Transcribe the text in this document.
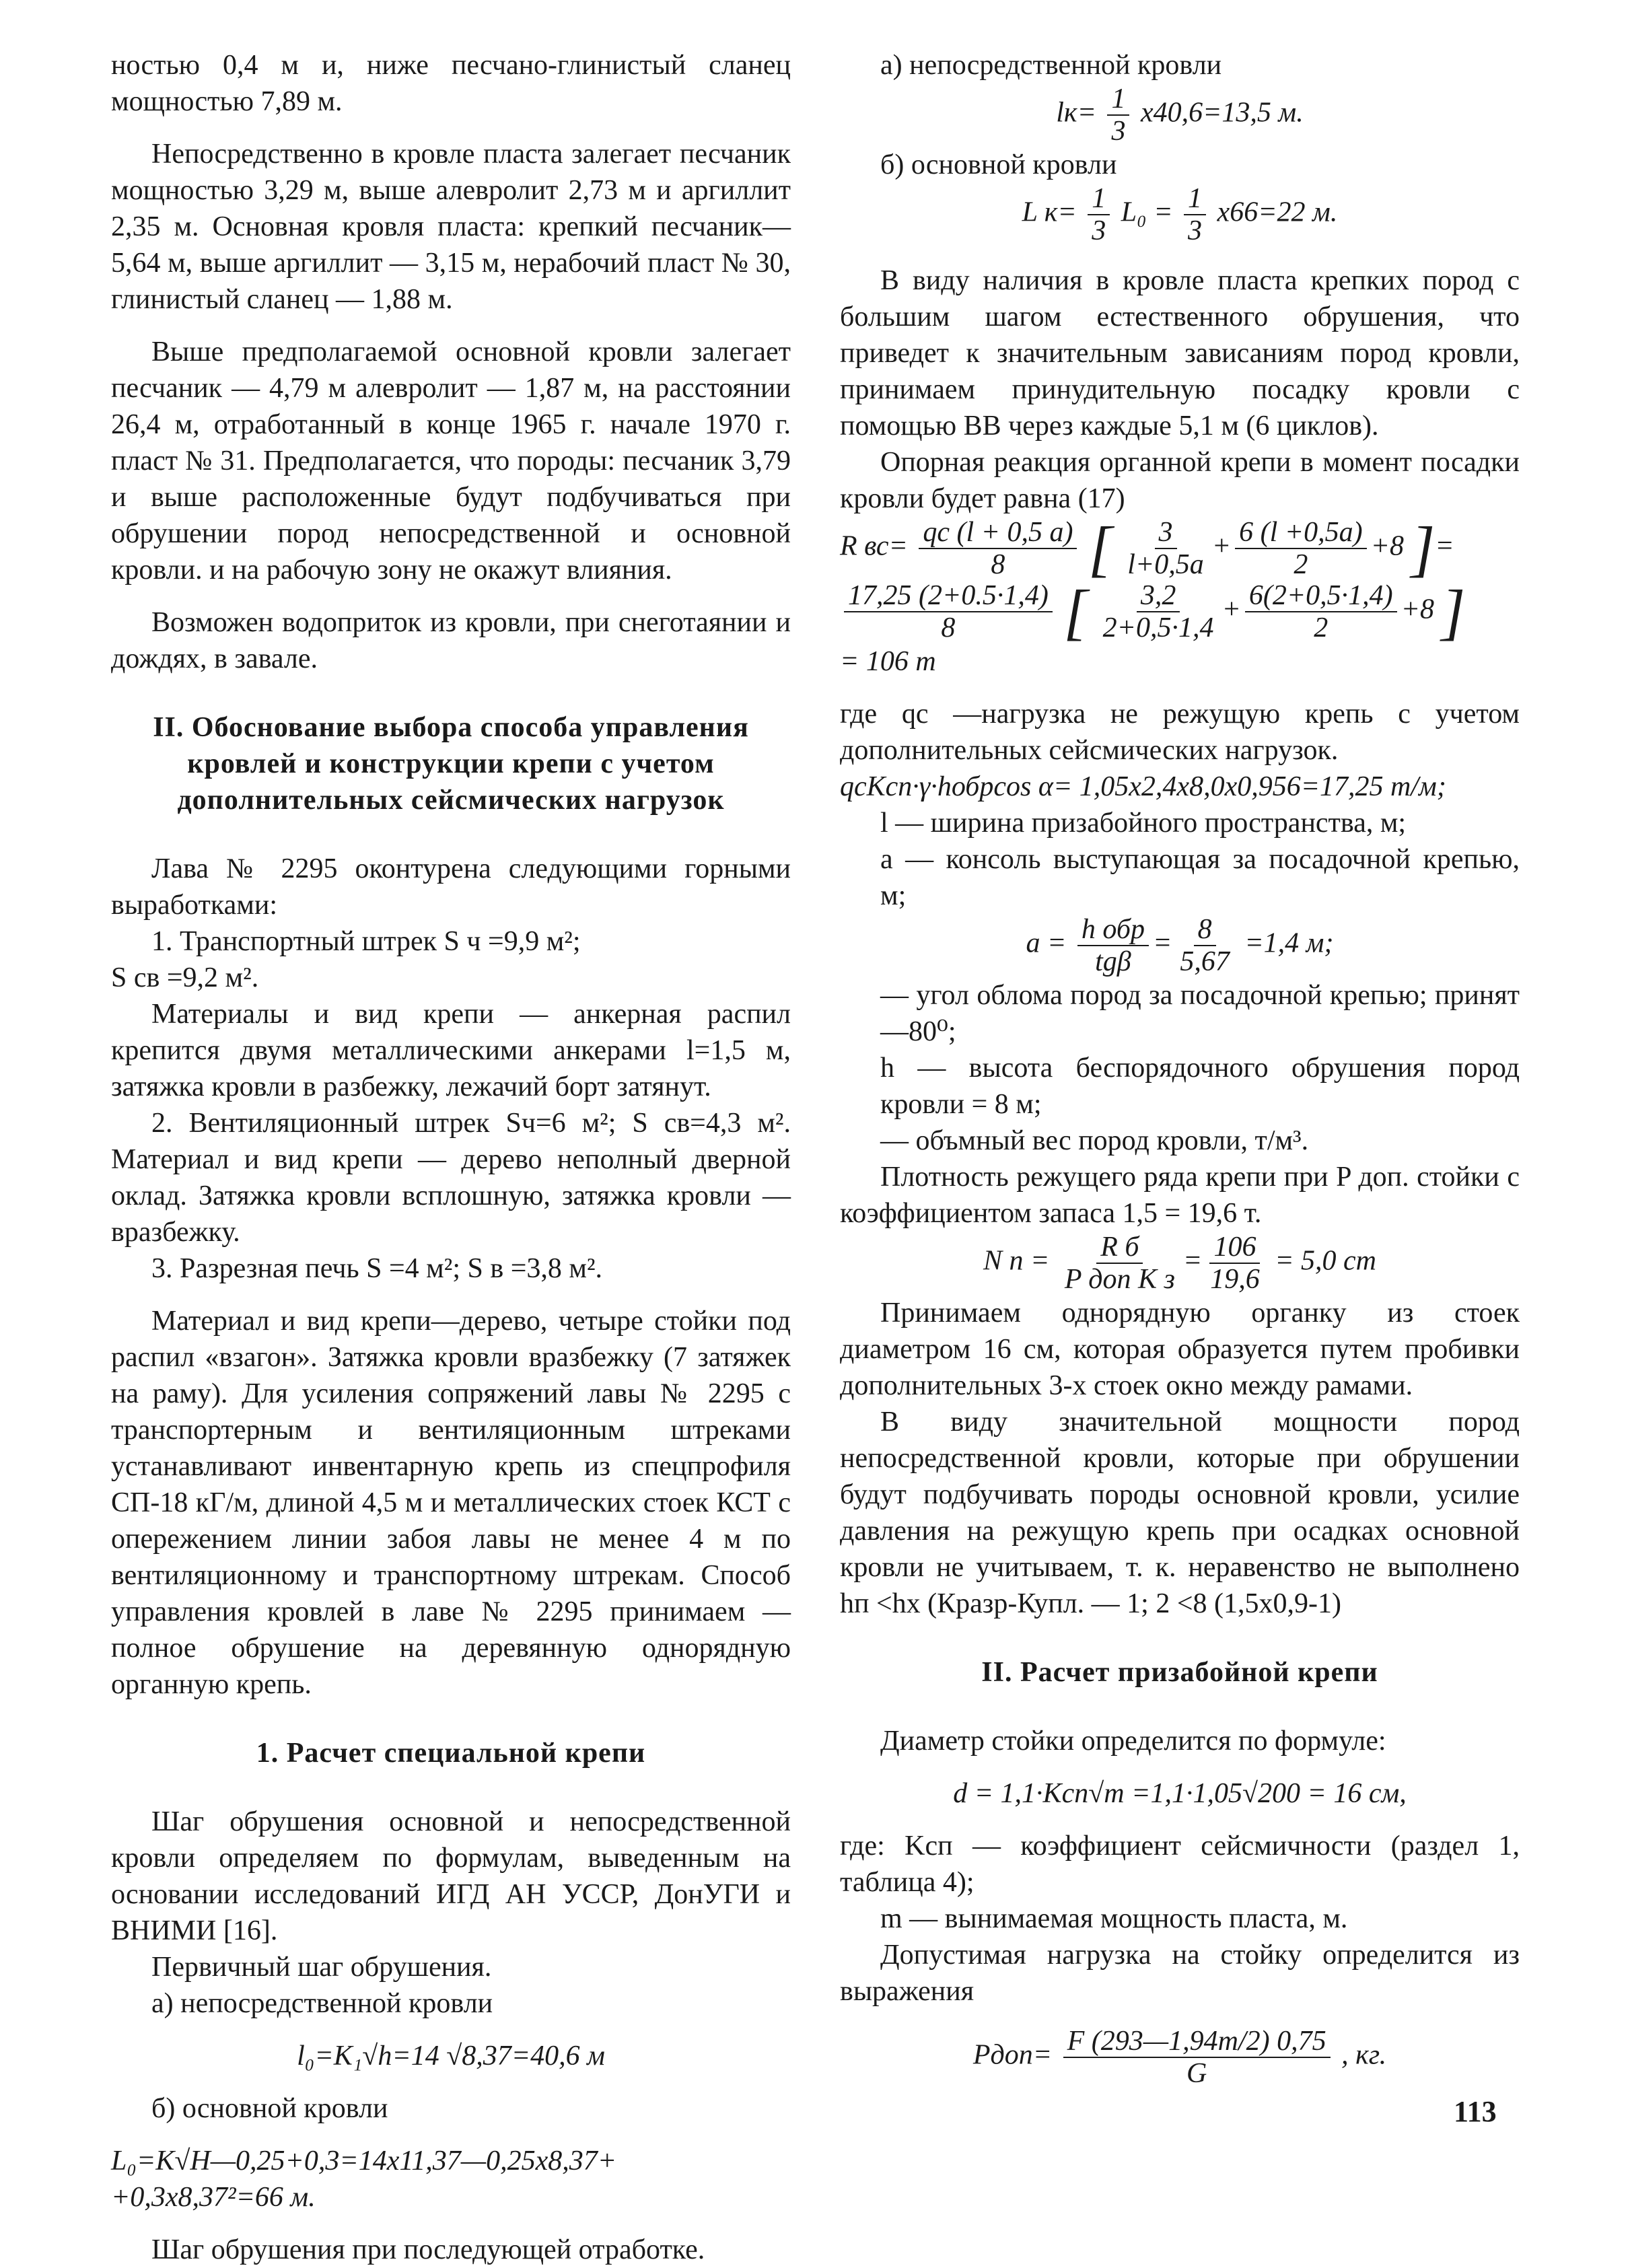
ностью 0,4 м и, ниже песчано-глинистый сланец мощностью 7,89 м.

Непосредственно в кровле пласта залегает песчаник мощностью 3,29 м, выше алевролит 2,73 м и аргиллит 2,35 м. Основная кровля пласта: крепкий песчаник—5,64 м, выше аргиллит — 3,15 м, нерабочий пласт № 30, глинистый сланец — 1,88 м.

Выше предполагаемой основной кровли залегает песчаник — 4,79 м алевролит — 1,87 м, на расстоянии 26,4 м, отработанный в конце 1965 г. начале 1970 г. пласт № 31. Предполагается, что породы: песчаник 3,79 и выше расположенные будут подбучиваться при обрушении пород непосредственной и основной кровли. и на рабочую зону не окажут влияния.

Возможен водоприток из кровли, при снеготаянии и дождях, в завале.

II. Обоснование выбора способа управления кровлей и конструкции крепи с учетом дополнительных сейсмических нагрузок

Лава № 2295 оконтурена следующими горными выработками:

1. Транспортный штрек S ч =9,9 м²;

S св =9,2 м².

Материалы и вид крепи — анкерная распил крепится двумя металлическими анкерами l=1,5 м, затяжка кровли в разбежку, лежачий борт затянут.

2. Вентиляционный штрек Sч=6 м²; S св=4,3 м². Материал и вид крепи — дерево неполный дверной оклад. Затяжка кровли всплошную, затяжка кровли — вразбежку.

3. Разрезная печь S =4 м²; S в =3,8 м².

Материал и вид крепи—дерево, четыре стойки под распил «взагон». Затяжка кровли вразбежку (7 затяжек на раму). Для усиления сопряжений лавы № 2295 с транспортерным и вентиляционным штреками устанавливают инвентарную крепь из спецпрофиля СП-18 кГ/м, длиной 4,5 м и металлических стоек КСТ с опережением линии забоя лавы не менее 4 м по вентиляционному и транспортному штрекам. Способ управления кровлей в лаве № 2295 принимаем — полное обрушение на деревянную однорядную органную крепь.

1. Расчет специальной крепи

Шаг обрушения основной и непосредственной кровли определяем по формулам, выведенным на основании исследований ИГД АН УССР, ДонУГИ и ВНИМИ [16].

Первичный шаг обрушения.

а) непосредственной кровли

l₀=K₁√h=14 √8,37=40,6 м

б) основной кровли

L₀=K√H—0,25+0,3=14x11,37—0,25x8,37+

+0,3x8,37²=66 м.

Шаг обрушения при последующей отработке.

а) непосредственной кровли

$lк= \frac{1}{3} x40,6=13,5$ м.

б) основной кровли

L $к= \frac{1}{3} L_0 = \frac{1}{3} x66=22$ м.

В виду наличия в кровле пласта крепких пород с большим шагом естественного обрушения, что приведет к значительным зависаниям пород кровли, принимаем принудительную посадку кровли с помощью ВВ через каждые 5,1 м (6 циклов).

Опорная реакция органной крепи в момент посадки кровли будет равна (17)

R $вс= \frac{qс (l + 0,5 a)}{8}$ [ $\frac{3}{l+0,5a} + \frac{6 (l +0,5a)}{2} +8$ ]=

$\frac{17,25 (2+0.5\cdot 1,4)}{8}$ [ $\frac{3,2}{2+0,5\cdot 1,4} + \frac{6(2+0,5\cdot 1,4)}{2} +8$ ]

= 106 т

где qс —нагрузка не режущую крепь с учетом дополнительных сейсмических нагрузок.

qсKсп·γ·hобрcos α= 1,05x2,4x8,0x0,956=17,25 т/м;

l — ширина призабойного пространства, м;

a — консоль выступающая за посадочной крепью, м;

$a = \frac{\text{h обр}}{\text{tgβ}} = \frac{8}{5,67} =1,4$ м;

— угол облома пород за посадочной крепью; принят —80⁰;

h — высота беспорядочного обрушения пород кровли = 8 м;

— объмный вес пород кровли, т/м³.

Плотность режущего ряда крепи при P доп. стойки с коэффициентом запаса 1,5 = 19,6 т.

N $п = \frac{\text{R б}}{\text{P доп K з}} = \frac{106}{19,6} = 5,0$ ст

Принимаем однорядную органку из стоек диаметром 16 см, которая образуется путем пробивки дополнительных 3-х стоек окно между рамами.

В виду значительной мощности пород непосредственной кровли, которые при обрушении будут подбучивать породы основной кровли, усилие давления на режущую крепь при осадках основной кровли не учитываем, т. к. неравенство не выполнено hп <hx (Кразр-Купл. — 1; 2 <8 (1,5x0,9-1)

II. Расчет призабойной крепи

Диаметр стойки определится по формуле:

d = 1,1·Kсп√m =1,1·1,05√200 = 16 см,

где: Kсп — коэффициент сейсмичности (раздел 1, таблица 4);

m — вынимаемая мощность пласта, м.

Допустимая нагрузка на стойку определится из выражения

Pдоп= $\frac{F (293—1,94m/2) 0,75}{G}$ , кг.

113
